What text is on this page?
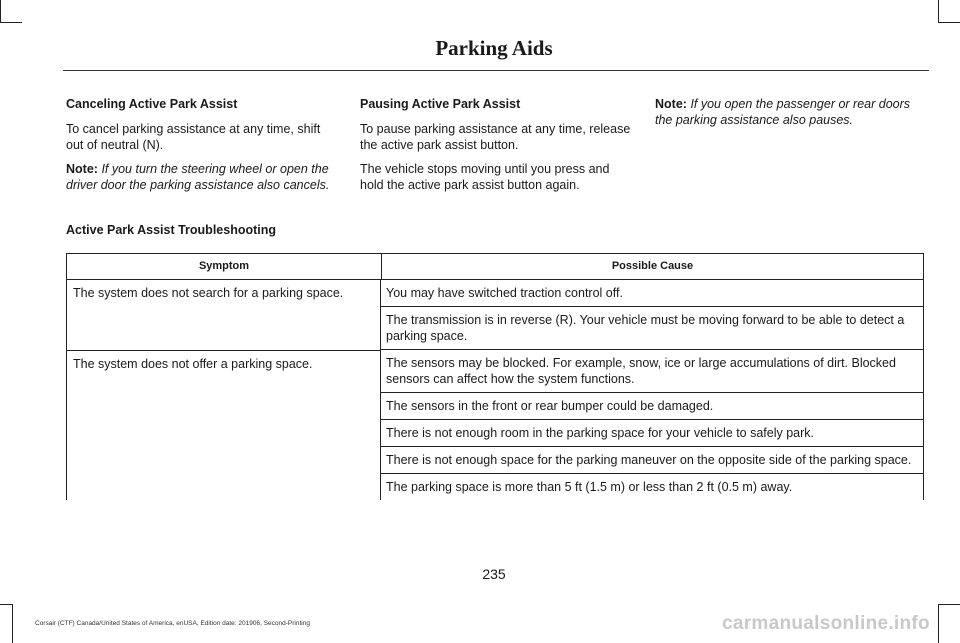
Parking Aids
Canceling Active Park Assist

To cancel parking assistance at any time, shift out of neutral (N).

Note: If you turn the steering wheel or open the driver door the parking assistance also cancels.

Pausing Active Park Assist

To pause parking assistance at any time, release the active park assist button.

The vehicle stops moving until you press and hold the active park assist button again.

Note: If you open the passenger or rear doors the parking assistance also pauses.

Active Park Assist Troubleshooting
Symptom	Possible Cause
The system does not search for a parking space.	You may have switched traction control off.
The transmission is in reverse (R). Your vehicle must be moving forward to be able to detect a parking space.
The system does not offer a parking space.	The sensors may be blocked. For example, snow, ice or large accumulations of dirt. Blocked sensors can affect how the system functions.
The sensors in the front or rear bumper could be damaged.
There is not enough room in the parking space for your vehicle to safely park.
There is not enough space for the parking maneuver on the opposite side of the parking space.
The parking space is more than 5 ft (1.5 m) or less than 2 ft (0.5 m) away.
235
Corsair (CTF) Canada/United States of America, enUSA, Edition date: 201906, Second-Printing	carmanualsonline.info
